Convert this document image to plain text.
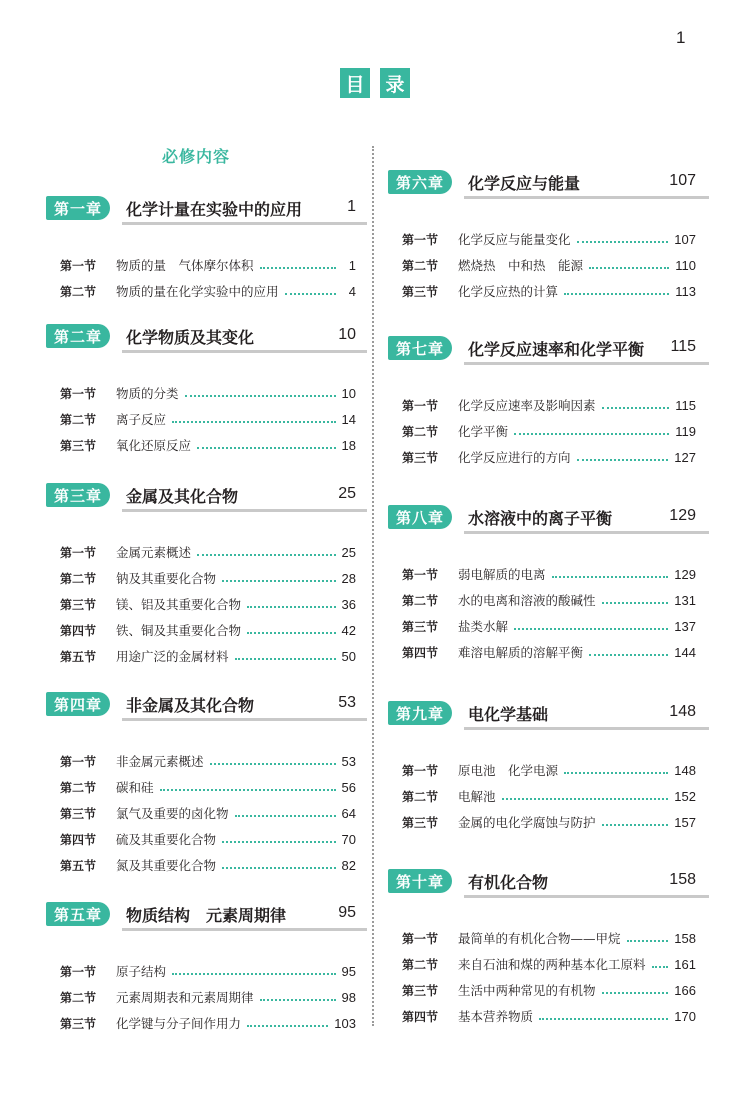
1
目 录
必修内容
第一章	化学计量在实验中的应用	1
第一节	物质的量　气体摩尔体积	1
第二节	物质的量在化学实验中的应用	4
第二章	化学物质及其变化	10
第一节	物质的分类	10
第二节	离子反应	14
第三节	氧化还原反应	18
第三章	金属及其化合物	25
第一节	金属元素概述	25
第二节	钠及其重要化合物	28
第三节	镁、铝及其重要化合物	36
第四节	铁、铜及其重要化合物	42
第五节	用途广泛的金属材料	50
第四章	非金属及其化合物	53
第一节	非金属元素概述	53
第二节	碳和硅	56
第三节	氯气及重要的卤化物	64
第四节	硫及其重要化合物	70
第五节	氮及其重要化合物	82
第五章	物质结构　元素周期律	95
第一节	原子结构	95
第二节	元素周期表和元素周期律	98
第三节	化学键与分子间作用力	103
第六章	化学反应与能量	107
第一节	化学反应与能量变化	107
第二节	燃烧热　中和热　能源	110
第三节	化学反应热的计算	113
第七章	化学反应速率和化学平衡 115
第一节	化学反应速率及影响因素	115
第二节	化学平衡	119
第三节	化学反应进行的方向	127
第八章	水溶液中的离子平衡	129
第一节	弱电解质的电离	129
第二节	水的电离和溶液的酸碱性	131
第三节	盐类水解	137
第四节	难溶电解质的溶解平衡	144
第九章	电化学基础	148
第一节	原电池　化学电源	148
第二节	电解池	152
第三节	金属的电化学腐蚀与防护	157
第十章	有机化合物	158
第一节	最简单的有机化合物——甲烷	158
第二节	来自石油和煤的两种基本化工原料 161
第三节	生活中两种常见的有机物	166
第四节	基本营养物质	170
